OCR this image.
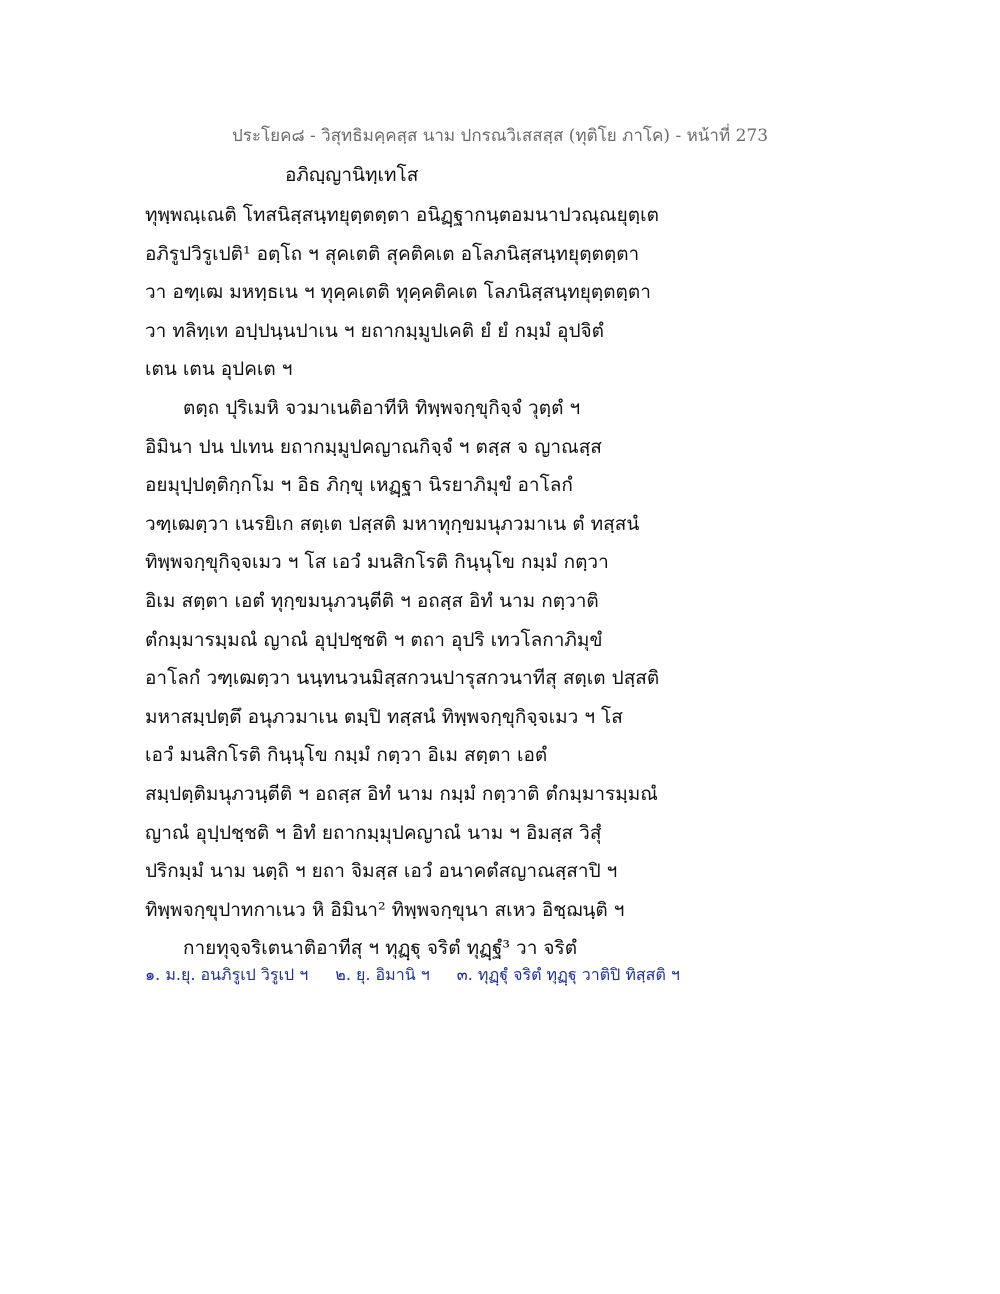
ประโยค๘ - วิสุทธิมคฺคสฺส นาม ปกรณวิเสสสฺส (ทุติโย ภาโค) - หน้าที่ 273
อภิญฺญานิทฺเทโส
ทุพฺพณฺเณติ โทสนิสฺสนฺทยุตฺตตฺตา อนิฏฺฐากนฺตอมนาปวณฺณยุตฺเต
อภิรูปวิรูเปติ¹ อตฺโถ ฯ สุคเตติ สุคติคเต อโลภนิสฺสนฺทยุตฺตตฺตา
วา อฑฺเฒ มหทฺธเน ฯ ทุคฺคเตติ ทุคฺคติคเต โลภนิสฺสนฺทยุตฺตตฺตา
วา ทลิทฺเท อปฺปนฺนปาเน ฯ ยถากมฺมูปเคติ ยํ ยํ กมฺมํ อุปจิตํ
เตน เตน อุปคเต ฯ
ตตฺถ ปุริเมหิ จวมาเนติอาทีหิ ทิพฺพจกฺขุกิจฺจํ วุตฺตํ ฯ
อิมินา ปน ปเทน ยถากมฺมูปคญาณกิจฺจํ ฯ ตสฺส จ ญาณสฺส
อยมุปฺปตฺติกฺกโม ฯ อิธ ภิกฺขุ เหฏฺฐา นิรยาภิมุขํ อาโลกํ
วฑฺเฒตฺวา เนรยิเก สตฺเต ปสฺสติ มหาทุกฺขมนุภวมาเน ตํ ทสฺสนํ
ทิพฺพจกฺขุกิจฺจเมว ฯ โส เอวํ มนสิกโรติ กินฺนุโข กมฺมํ กตฺวา
อิเม สตฺตา เอตํ ทุกฺขมนุภวนฺตีติ ฯ อถสฺส อิทํ นาม กตฺวาติ
ตํกมฺมารมฺมณํ ญาณํ อุปฺปชฺชติ ฯ ตถา อุปริ เทวโลกาภิมุขํ
อาโลกํ วฑฺเฒตฺวา นนฺทนวนมิสฺสกวนปารุสกวนาทีสุ สตฺเต ปสฺสติ
มหาสมฺปตฺตึ อนุภวมาเน ตมฺปิ ทสฺสนํ ทิพฺพจกฺขุกิจฺจเมว ฯ โส
เอวํ มนสิกโรติ กินฺนุโข กมฺมํ กตฺวา อิเม สตฺตา เอตํ
สมฺปตฺติมนุภวนฺตีติ ฯ อถสฺส อิทํ นาม กมฺมํ กตฺวาติ ตํกมฺมารมฺมณํ
ญาณํ อุปฺปชฺชติ ฯ อิทํ ยถากมฺมุปคญาณํ นาม ฯ อิมสฺส วิสุํ
ปริกมฺมํ นาม นตฺถิ ฯ ยถา จิมสฺส เอวํ อนาคตํสญาณสฺสาปิ ฯ
ทิพฺพจกฺขุปาทกาเนว หิ อิมินา² ทิพฺพจกฺขุนา สเหว อิชฺฌนฺติ ฯ
กายทุจฺจริเตนาติอาทีสุ ฯ ทุฏฺฐุ จริตํ ทุฏฺฐํ³ วา จริตํ
๑. ม.ยุ. อนภิรูเป วิรูเป ฯ ๒. ยุ. อิมานิ ฯ ๓. ทุฏฺฐุํ จริตํ ทุฏฺฐุ วาติปิ ทิสฺสติ ฯ
